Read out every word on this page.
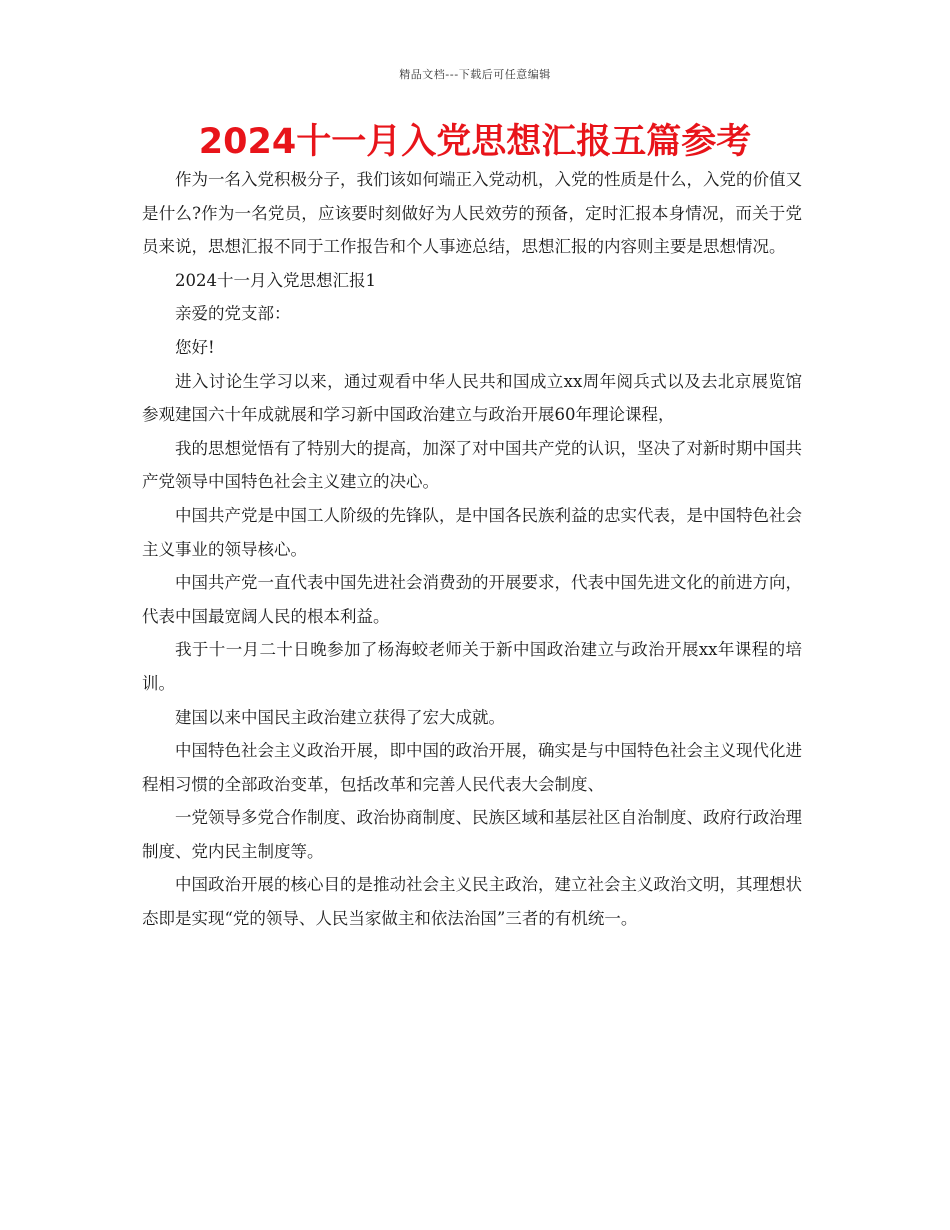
精品文档---下载后可任意编辑
2024十一月入党思想汇报五篇参考

作为一名入党积极分子，我们该如何端正入党动机，入党的性质是什么，入党的价值又是什么?作为一名党员，应该要时刻做好为人民效劳的预备，定时汇报本身情况，而关于党员来说，思想汇报不同于工作报告和个人事迹总结，思想汇报的内容则主要是思想情况。

2024十一月入党思想汇报1

亲爱的党支部：

您好!

进入讨论生学习以来，通过观看中华人民共和国成立xx周年阅兵式以及去北京展览馆参观建国六十年成就展和学习新中国政治建立与政治开展60年理论课程，

我的思想觉悟有了特别大的提高，加深了对中国共产党的认识，坚决了对新时期中国共产党领导中国特色社会主义建立的决心。

中国共产党是中国工人阶级的先锋队，是中国各民族利益的忠实代表，是中国特色社会主义事业的领导核心。

中国共产党一直代表中国先进社会消费劲的开展要求，代表中国先进文化的前进方向，代表中国最宽阔人民的根本利益。

我于十一月二十日晚参加了杨海蛟老师关于新中国政治建立与政治开展xx年课程的培训。

建国以来中国民主政治建立获得了宏大成就。

中国特色社会主义政治开展，即中国的政治开展，确实是与中国特色社会主义现代化进程相习惯的全部政治变革，包括改革和完善人民代表大会制度、

一党领导多党合作制度、政治协商制度、民族区域和基层社区自治制度、政府行政治理制度、党内民主制度等。

中国政治开展的核心目的是推动社会主义民主政治，建立社会主义政治文明，其理想状态即是实现“党的领导、人民当家做主和依法治国”三者的有机统一。
